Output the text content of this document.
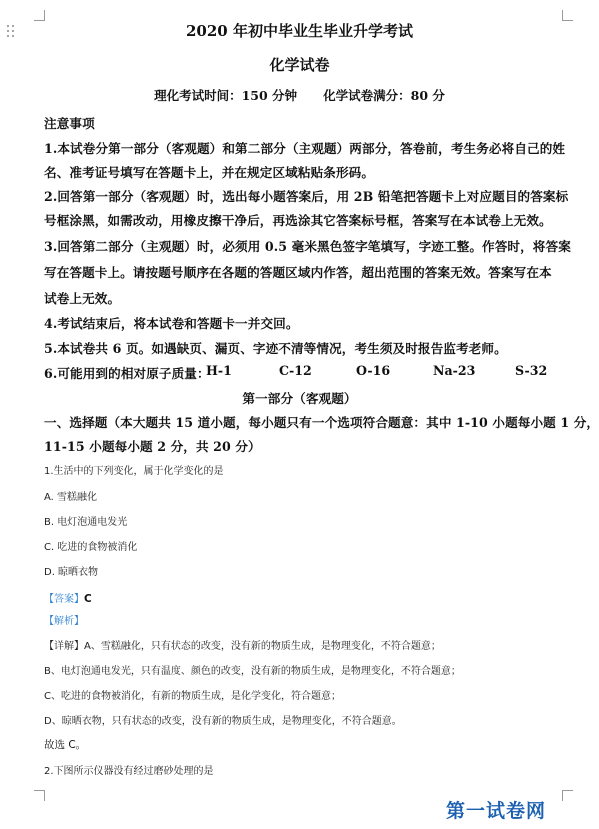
2020 年初中毕业生毕业升学考试
化学试卷
理化考试时间：150 分钟      化学试卷满分：80 分
注意事项
1.本试卷分第一部分（客观题）和第二部分（主观题）两部分，答卷前，考生务必将自己的姓
名、准考证号填写在答题卡上，并在规定区域粘贴条形码。
2.回答第一部分（客观题）时，选出每小题答案后，用 2B 铅笔把答题卡上对应题目的答案标
号框涂黑，如需改动，用橡皮擦干净后，再选涂其它答案标号框，答案写在本试卷上无效。
3.回答第二部分（主观题）时，必须用 0.5 毫米黑色签字笔填写，字迹工整。作答时，将答案
写在答题卡上。请按题号顺序在各题的答题区域内作答，超出范围的答案无效。答案写在本
试卷上无效。
4.考试结束后，将本试卷和答题卡一并交回。
5.本试卷共 6 页。如遇缺页、漏页、字迹不清等情况，考生须及时报告监考老师。
6.可能用到的相对原子质量：
H-1	C-12	O-16	Na-23	S-32
第一部分（客观题）
一、选择题（本大题共 15 道小题，每小题只有一个选项符合题意：其中 1-10 小题每小题 1 分，
11-15 小题每小题 2 分，共 20 分）
1.生活中的下列变化，属于化学变化的是
A. 雪糕融化
B. 电灯泡通电发光
C. 吃进的食物被消化
D. 晾晒衣物
【答案】C
【解析】
【详解】A、雪糕融化，只有状态的改变，没有新的物质生成，是物理变化，不符合题意；
B、电灯泡通电发光，只有温度、颜色的改变，没有新的物质生成，是物理变化，不符合题意；
C、吃进的食物被消化，有新的物质生成，是化学变化，符合题意；
D、晾晒衣物，只有状态的改变，没有新的物质生成，是物理变化，不符合题意。
故选 C。
2.下图所示仪器没有经过磨砂处理的是
第一试卷网
